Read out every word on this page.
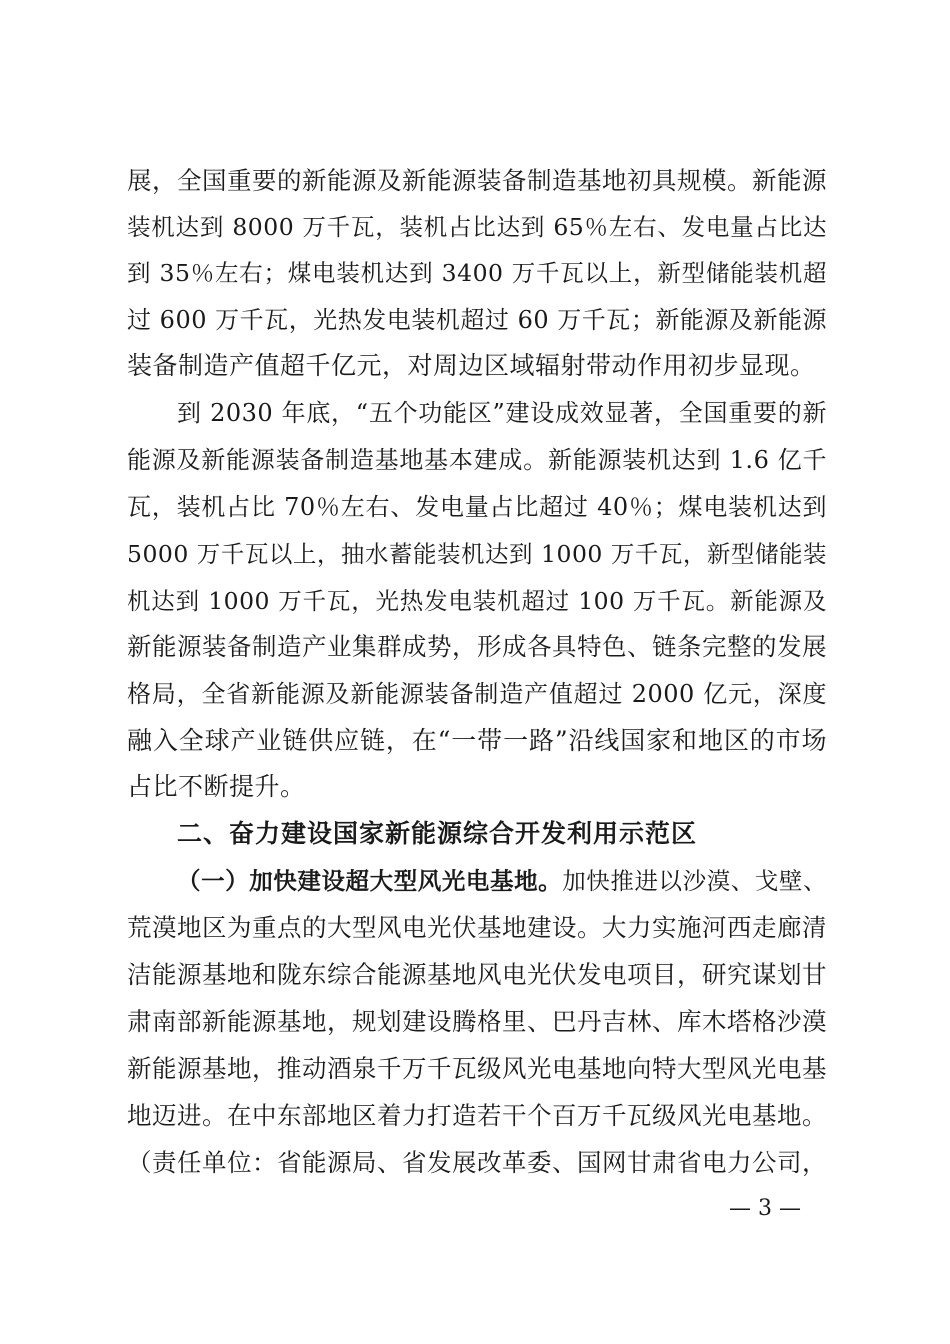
展，全国重要的新能源及新能源装备制造基地初具规模。新能源
装机达到 8000 万千瓦，装机占比达到 65％左右、发电量占比达
到 35％左右；煤电装机达到 3400 万千瓦以上，新型储能装机超
过 600 万千瓦，光热发电装机超过 60 万千瓦；新能源及新能源
装备制造产值超千亿元，对周边区域辐射带动作用初步显现。
到 2030 年底，“五个功能区”建设成效显著，全国重要的新
能源及新能源装备制造基地基本建成。新能源装机达到 1.6 亿千
瓦，装机占比 70％左右、发电量占比超过 40％；煤电装机达到
5000 万千瓦以上，抽水蓄能装机达到 1000 万千瓦，新型储能装
机达到 1000 万千瓦，光热发电装机超过 100 万千瓦。新能源及
新能源装备制造产业集群成势，形成各具特色、链条完整的发展
格局，全省新能源及新能源装备制造产值超过 2000 亿元，深度
融入全球产业链供应链，在“一带一路”沿线国家和地区的市场
占比不断提升。
二、奋力建设国家新能源综合开发利用示范区
（一）加快建设超大型风光电基地。加快推进以沙漠、戈壁、
荒漠地区为重点的大型风电光伏基地建设。大力实施河西走廊清
洁能源基地和陇东综合能源基地风电光伏发电项目，研究谋划甘
肃南部新能源基地，规划建设腾格里、巴丹吉林、库木塔格沙漠
新能源基地，推动酒泉千万千瓦级风光电基地向特大型风光电基
地迈进。在中东部地区着力打造若干个百万千瓦级风光电基地。
（责任单位：省能源局、省发展改革委、国网甘肃省电力公司，
— 3 —
